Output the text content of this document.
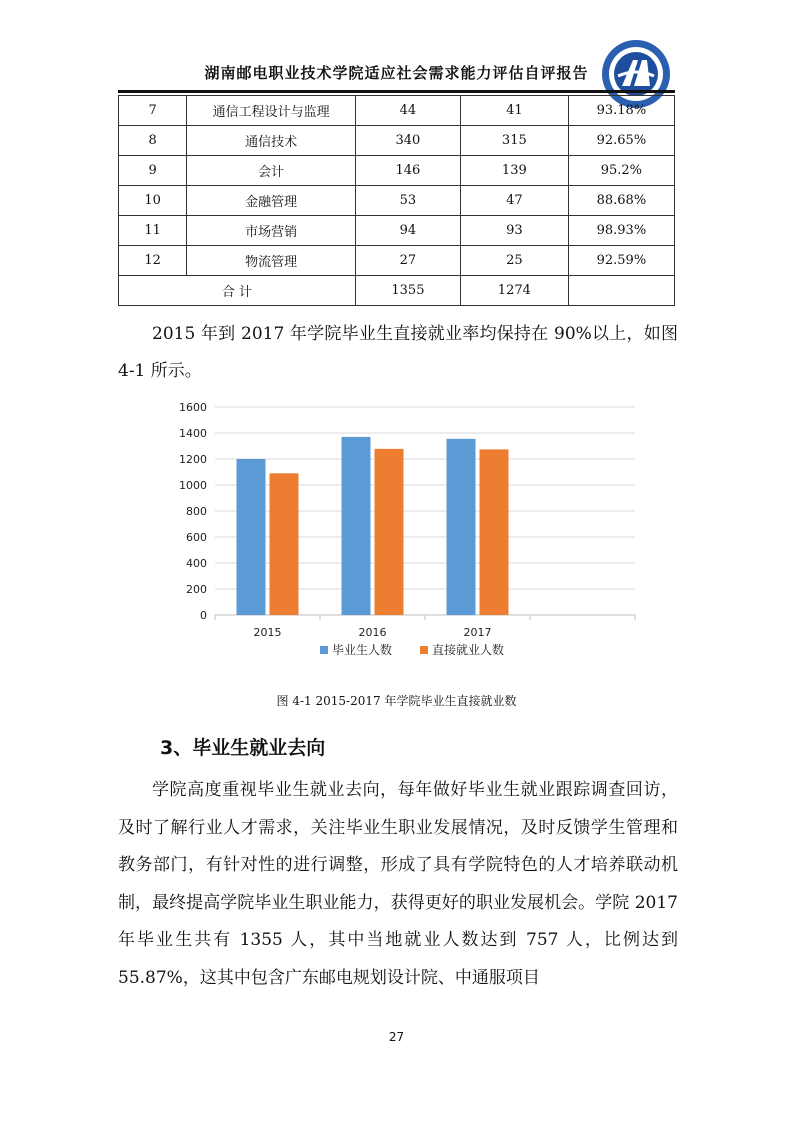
湖南邮电职业技术学院适应社会需求能力评估自评报告
7	通信工程设计与监理	44	41	93.18%
8	通信技术	340	315	92.65%
9	会计	146	139	95.2%
10	金融管理	53	47	88.68%
11	市场营销	94	93	98.93%
12	物流管理	27	25	92.59%
合 计		1355	1274	
2015 年到 2017 年学院毕业生直接就业率均保持在 90%以上，如图 4-1 所示。
0
200
400
600
800
1000
1200
1400
1600
2015	2016	2017
毕业生人数	直接就业人数
图 4-1 2015-2017 年学院毕业生直接就业数
3、毕业生就业去向
学院高度重视毕业生就业去向，每年做好毕业生就业跟踪调查回访，及时了解行业人才需求，关注毕业生职业发展情况，及时反馈学生管理和教务部门，有针对性的进行调整，形成了具有学院特色的人才培养联动机制，最终提高学院毕业生职业能力，获得更好的职业发展机会。学院 2017 年毕业生共有 1355 人，其中当地就业人数达到 757 人，比例达到 55.87%，这其中包含广东邮电规划设计院、中通服项目
27
